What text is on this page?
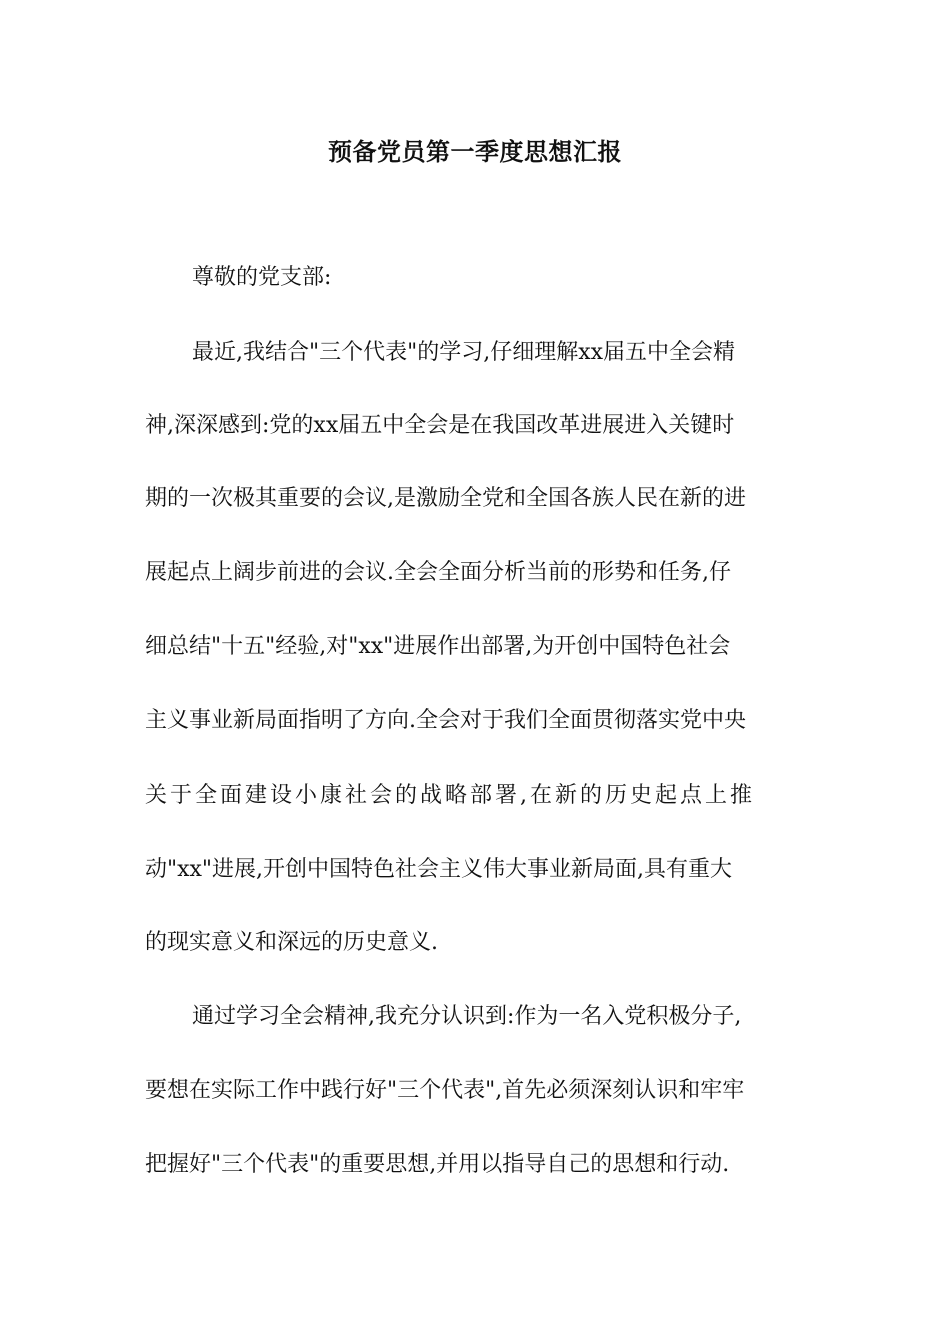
预备党员第一季度思想汇报
尊敬的党支部:
最近,我结合"三个代表"的学习,仔细理解xx届五中全会精
神,深深感到:党的xx届五中全会是在我国改革进展进入关键时
期的一次极其重要的会议,是激励全党和全国各族人民在新的进
展起点上阔步前进的会议.全会全面分析当前的形势和任务,仔
细总结"十五"经验,对"xx"进展作出部署,为开创中国特色社会
主义事业新局面指明了方向.全会对于我们全面贯彻落实党中央
关于全面建设小康社会的战略部署,在新的历史起点上推
动"xx"进展,开创中国特色社会主义伟大事业新局面,具有重大
的现实意义和深远的历史意义.
通过学习全会精神,我充分认识到:作为一名入党积极分子,
要想在实际工作中践行好"三个代表",首先必须深刻认识和牢牢
把握好"三个代表"的重要思想,并用以指导自己的思想和行动.
